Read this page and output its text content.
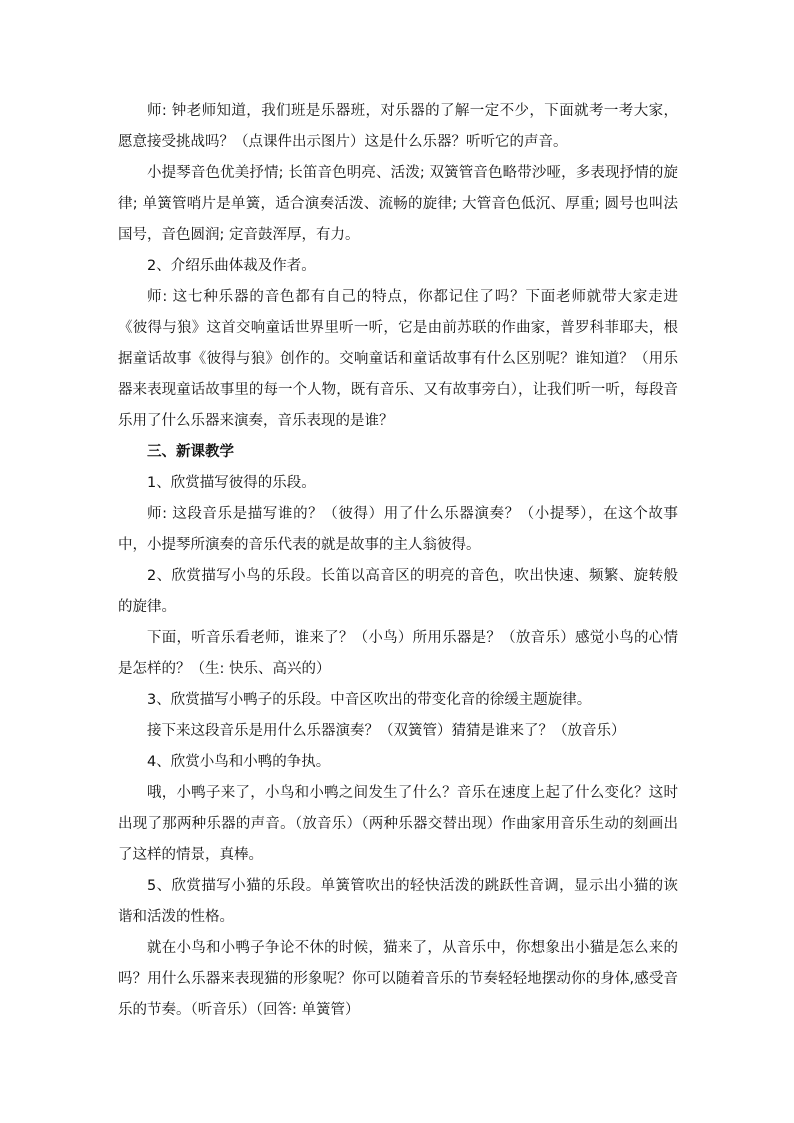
师: 钟老师知道，我们班是乐器班，对乐器的了解一定不少，下面就考一考大家，愿意接受挑战吗？（点课件出示图片）这是什么乐器？听听它的声音。

小提琴音色优美抒情; 长笛音色明亮、活泼; 双簧管音色略带沙哑，多表现抒情的旋律; 单簧管哨片是单簧，适合演奏活泼、流畅的旋律; 大管音色低沉、厚重; 圆号也叫法国号，音色圆润; 定音鼓浑厚，有力。

2、介绍乐曲体裁及作者。

师: 这七种乐器的音色都有自己的特点，你都记住了吗？下面老师就带大家走进《彼得与狼》这首交响童话世界里听一听，它是由前苏联的作曲家，普罗科菲耶夫，根据童话故事《彼得与狼》创作的。交响童话和童话故事有什么区别呢？谁知道？（用乐器来表现童话故事里的每一个人物，既有音乐、又有故事旁白），让我们听一听，每段音乐用了什么乐器来演奏，音乐表现的是谁？

三、新课教学

1、欣赏描写彼得的乐段。

师: 这段音乐是描写谁的？（彼得）用了什么乐器演奏？（小提琴），在这个故事中，小提琴所演奏的音乐代表的就是故事的主人翁彼得。

2、欣赏描写小鸟的乐段。长笛以高音区的明亮的音色，吹出快速、频繁、旋转般的旋律。

下面，听音乐看老师，谁来了？（小鸟）所用乐器是？（放音乐）感觉小鸟的心情是怎样的？（生: 快乐、高兴的）

3、欣赏描写小鸭子的乐段。中音区吹出的带变化音的徐缓主题旋律。

接下来这段音乐是用什么乐器演奏？（双簧管）猜猜是谁来了？（放音乐）

4、欣赏小鸟和小鸭的争执。

哦，小鸭子来了，小鸟和小鸭之间发生了什么？音乐在速度上起了什么变化？这时出现了那两种乐器的声音。（放音乐）（两种乐器交替出现）作曲家用音乐生动的刻画出了这样的情景，真棒。

5、欣赏描写小猫的乐段。单簧管吹出的轻快活泼的跳跃性音调，显示出小猫的诙谐和活泼的性格。

就在小鸟和小鸭子争论不休的时候，猫来了，从音乐中，你想象出小猫是怎么来的吗？用什么乐器来表现猫的形象呢？你可以随着音乐的节奏轻轻地摆动你的身体,感受音乐的节奏。（听音乐）（回答: 单簧管）
